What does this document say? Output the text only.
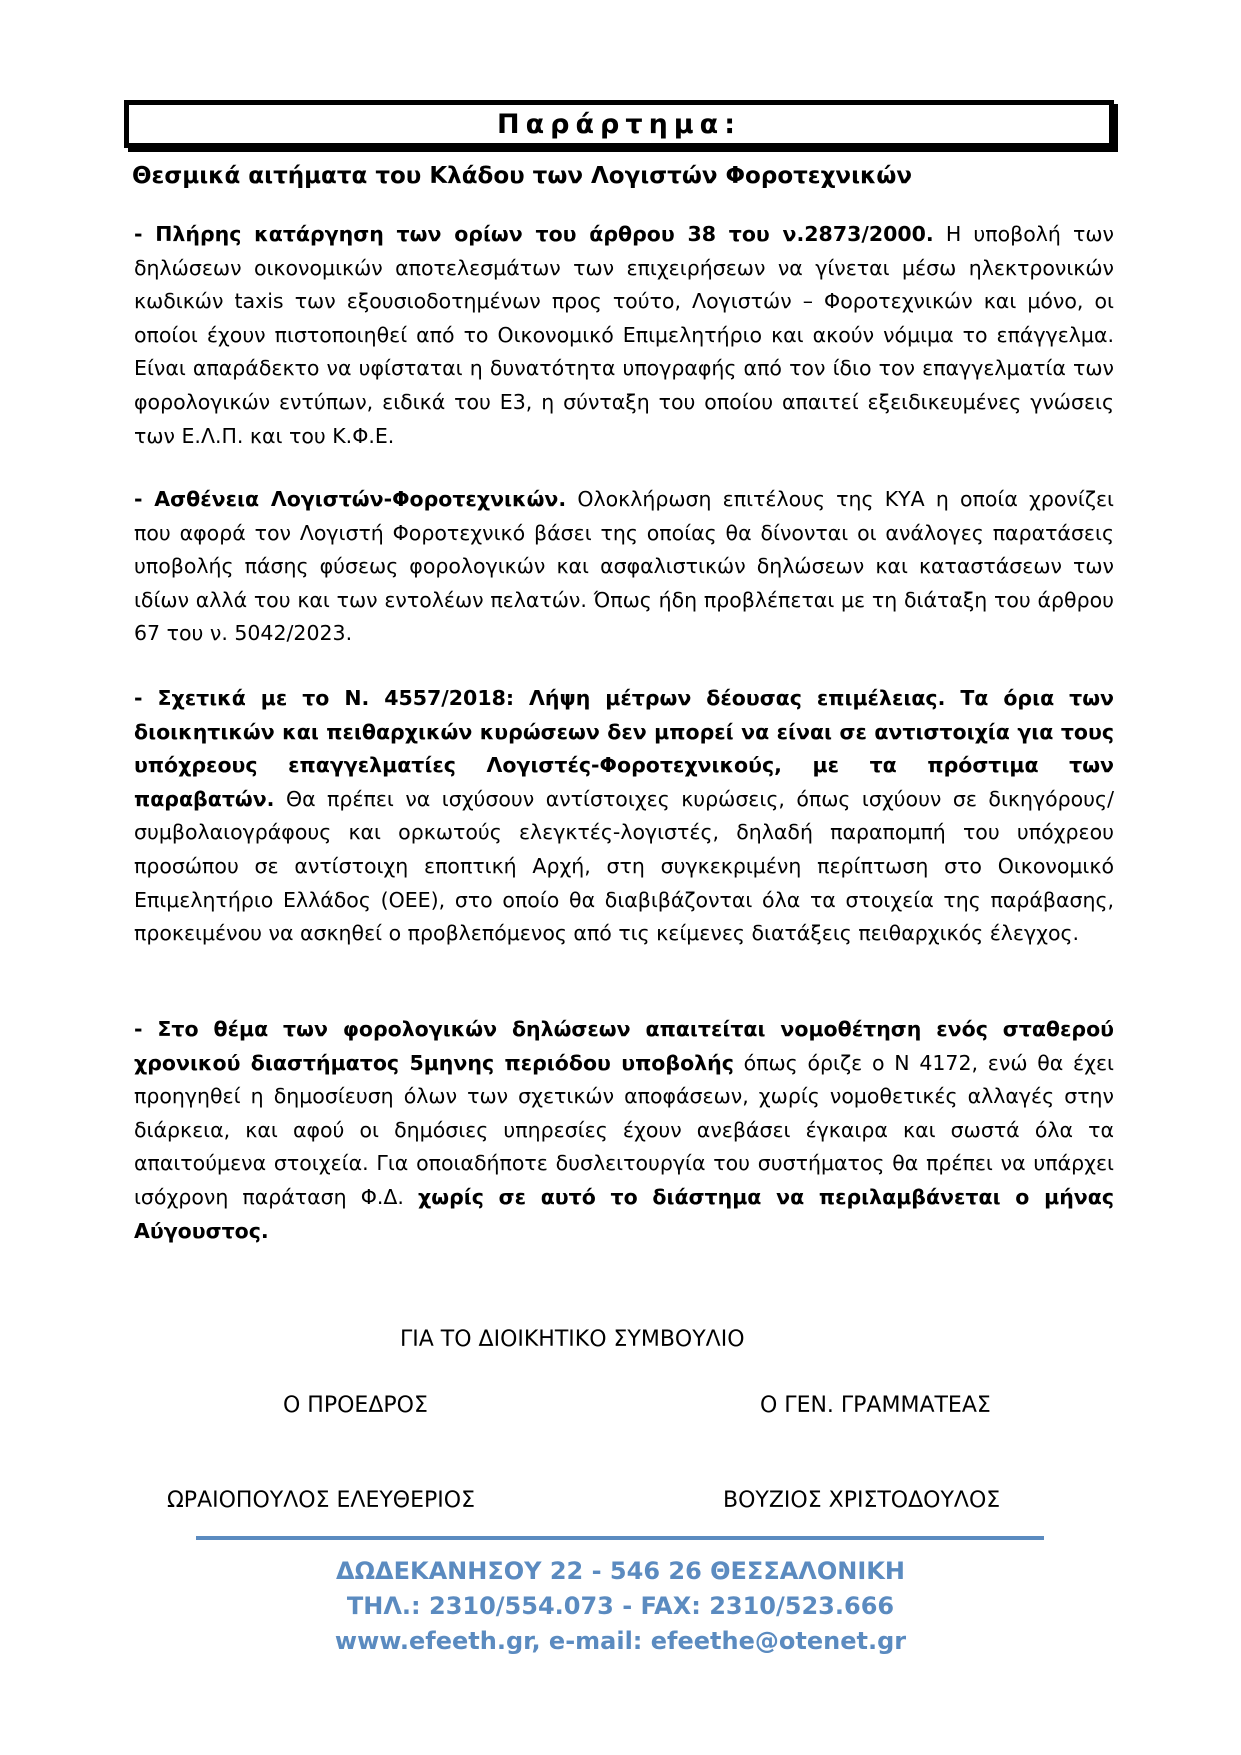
Παράρτημα:
Θεσμικά αιτήματα του Κλάδου των Λογιστών Φοροτεχνικών

- Πλήρης κατάργηση των ορίων του άρθρου 38 του ν.2873/2000. Η υποβολή των δηλώσεων οικονομικών αποτελεσμάτων των επιχειρήσεων να γίνεται μέσω ηλεκτρονικών κωδικών taxis των εξουσιοδοτημένων προς τούτο, Λογιστών – Φοροτεχνικών και μόνο, οι οποίοι έχουν πιστοποιηθεί από το Οικονομικό Επιμελητήριο και ακούν νόμιμα το επάγγελμα. Είναι απαράδεκτο να υφίσταται η δυνατότητα υπογραφής από τον ίδιο τον επαγγελματία των φορολογικών εντύπων, ειδικά του Ε3, η σύνταξη του οποίου απαιτεί εξειδικευμένες γνώσεις των Ε.Λ.Π. και του Κ.Φ.Ε.

- Ασθένεια Λογιστών-Φοροτεχνικών. Ολοκλήρωση επιτέλους της ΚΥΑ η οποία χρονίζει που αφορά τον Λογιστή Φοροτεχνικό βάσει της οποίας θα δίνονται οι ανάλογες παρατάσεις υποβολής πάσης φύσεως φορολογικών και ασφαλιστικών δηλώσεων και καταστάσεων των ιδίων αλλά του και των εντολέων πελατών. Όπως ήδη προβλέπεται με τη διάταξη του άρθρου 67 του ν. 5042/2023.

- Σχετικά με το Ν. 4557/2018: Λήψη μέτρων δέουσας επιμέλειας. Τα όρια των διοικητικών και πειθαρχικών κυρώσεων δεν μπορεί να είναι σε αντιστοιχία για τους υπόχρεους επαγγελματίες Λογιστές-Φοροτεχνικούς, με τα πρόστιμα των παραβατών. Θα πρέπει να ισχύσουν αντίστοιχες κυρώσεις, όπως ισχύουν σε δικηγόρους/συμβολαιογράφους και ορκωτούς ελεγκτές-λογιστές, δηλαδή παραπομπή του υπόχρεου προσώπου σε αντίστοιχη εποπτική Αρχή, στη συγκεκριμένη περίπτωση στο Οικονομικό Επιμελητήριο Ελλάδος (ΟΕΕ), στο οποίο θα διαβιβάζονται όλα τα στοιχεία της παράβασης, προκειμένου να ασκηθεί ο προβλεπόμενος από τις κείμενες διατάξεις πειθαρχικός έλεγχος.

- Στο θέμα των φορολογικών δηλώσεων απαιτείται νομοθέτηση ενός σταθερού χρονικού διαστήματος 5μηνης περιόδου υποβολής όπως όριζε ο Ν 4172, ενώ θα έχει προηγηθεί η δημοσίευση όλων των σχετικών αποφάσεων, χωρίς νομοθετικές αλλαγές στην διάρκεια, και αφού οι δημόσιες υπηρεσίες έχουν ανεβάσει έγκαιρα και σωστά όλα τα απαιτούμενα στοιχεία. Για οποιαδήποτε δυσλειτουργία του συστήματος θα πρέπει να υπάρχει ισόχρονη παράταση Φ.Δ. χωρίς σε αυτό το διάστημα να περιλαμβάνεται ο μήνας Αύγουστος.

ΓΙΑ ΤΟ ΔΙΟΙΚΗΤΙΚΟ ΣΥΜΒΟΥΛΙΟ
Ο ΠΡΟΕΔΡΟΣ	Ο ΓΕΝ. ΓΡΑΜΜΑΤΕΑΣ
ΩΡΑΙΟΠΟΥΛΟΣ ΕΛΕΥΘΕΡΙΟΣ	ΒΟΥΖΙΟΣ ΧΡΙΣΤΟΔΟΥΛΟΣ
ΔΩΔΕΚΑΝΗΣΟΥ 22 - 546 26 ΘΕΣΣΑΛΟΝΙΚΗ
ΤΗΛ.: 2310/554.073 - FAX: 2310/523.666
www.efeeth.gr, e-mail: efeethe@otenet.gr
